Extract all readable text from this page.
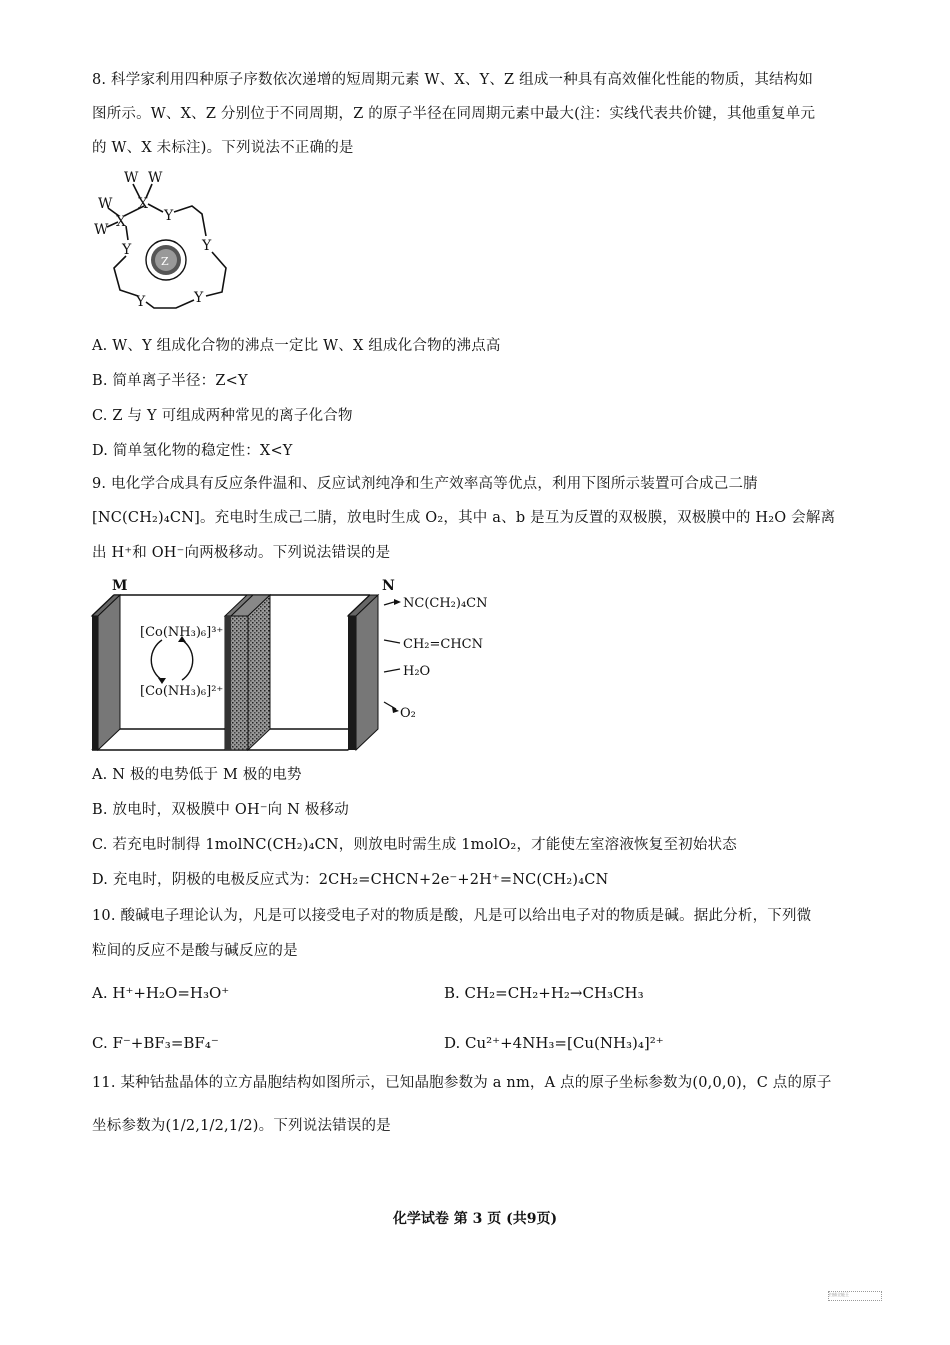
8. 科学家利用四种原子序数依次递增的短周期元素 W、X、Y、Z 组成一种具有高效催化性能的物质，其结构如
图所示。W、X、Z 分别位于不同周期，Z 的原子半径在同周期元素中最大(注：实线代表共价键，其他重复单元
的 W、X 未标注)。下列说法不正确的是
W W
W
W
X
X	Y
Y	Y
Y	Y
Z
A. W、Y 组成化合物的沸点一定比 W、X 组成化合物的沸点高
B. 简单离子半径：Z<Y
C. Z 与 Y 可组成两种常见的离子化合物
D. 简单氢化物的稳定性：X<Y
9. 电化学合成具有反应条件温和、反应试剂纯净和生产效率高等优点，利用下图所示装置可合成己二腈
[NC(CH₂)₄CN]。充电时生成己二腈，放电时生成 O₂，其中 a、b 是互为反置的双极膜，双极膜中的 H₂O 会解离
出 H⁺和 OH⁻向两极移动。下列说法错误的是
M	N
[Co(NH₃)₆]³⁺
[Co(NH₃)₆]²⁺
NC(CH₂)₄CN
CH₂=CHCN
H₂O
O₂
A. N 极的电势低于 M 极的电势
B. 放电时，双极膜中 OH⁻向 N 极移动
C. 若充电时制得 1molNC(CH₂)₄CN，则放电时需生成 1molO₂，才能使左室溶液恢复至初始状态
D. 充电时，阴极的电极反应式为：2CH₂=CHCN+2e⁻+2H⁺=NC(CH₂)₄CN
10. 酸碱电子理论认为，凡是可以接受电子对的物质是酸，凡是可以给出电子对的物质是碱。据此分析，下列微
粒间的反应不是酸与碱反应的是
A. H⁺+H₂O=H₃O⁺	B. CH₂=CH₂+H₂→CH₃CH₃
C. F⁻+BF₃=BF₄⁻	D. Cu²⁺+4NH₃=[Cu(NH₃)₄]²⁺
11. 某种钴盐晶体的立方晶胞结构如图所示，已知晶胞参数为 a nm，A 点的原子坐标参数为(0,0,0)，C 点的原子
坐标参数为(1/2,1/2,1/2)。下列说法错误的是
化学试卷 第 3 页 (共9页)
扫描全能王
